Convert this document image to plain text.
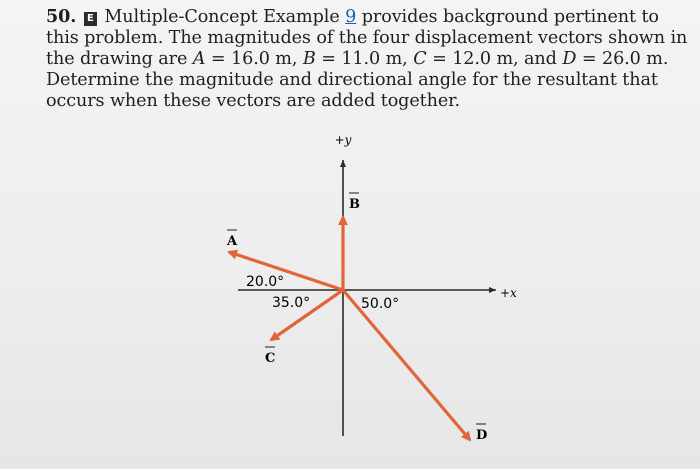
50. E Multiple-Concept Example 9 provides background pertinent to this problem. The magnitudes of the four displacement vectors shown in the drawing are A = 16.0 m, B = 11.0 m, C = 12.0 m, and D = 26.0 m. Determine the magnitude and directional angle for the resultant that occurs when these vectors are added together.
+y
+x
B
A
C
D
20.0°
35.0°	50.0°
